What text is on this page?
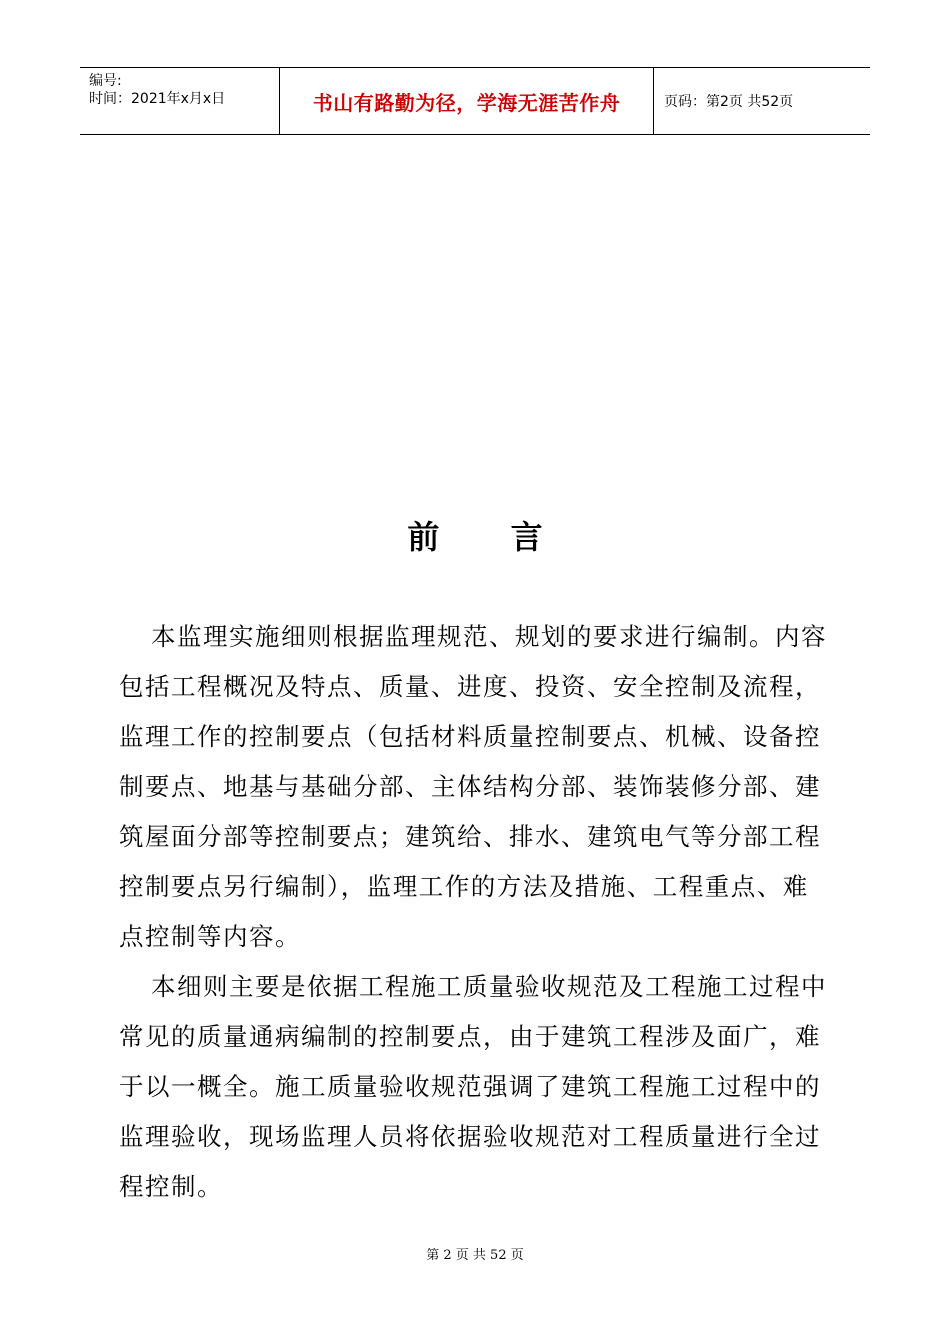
编号:
时间：2021年x月x日	书山有路勤为径，学海无涯苦作舟	页码：第2页 共52页
前 言

本监理实施细则根据监理规范、规划的要求进行编制。内容包括工程概况及特点、质量、进度、投资、安全控制及流程，监理工作的控制要点（包括材料质量控制要点、机械、设备控制要点、地基与基础分部、主体结构分部、装饰装修分部、建筑屋面分部等控制要点；建筑给、排水、建筑电气等分部工程控制要点另行编制），监理工作的方法及措施、工程重点、难点控制等内容。

本细则主要是依据工程施工质量验收规范及工程施工过程中常见的质量通病编制的控制要点，由于建筑工程涉及面广，难于以一概全。施工质量验收规范强调了建筑工程施工过程中的监理验收，现场监理人员将依据验收规范对工程质量进行全过程控制。

第 2 页 共 52 页
